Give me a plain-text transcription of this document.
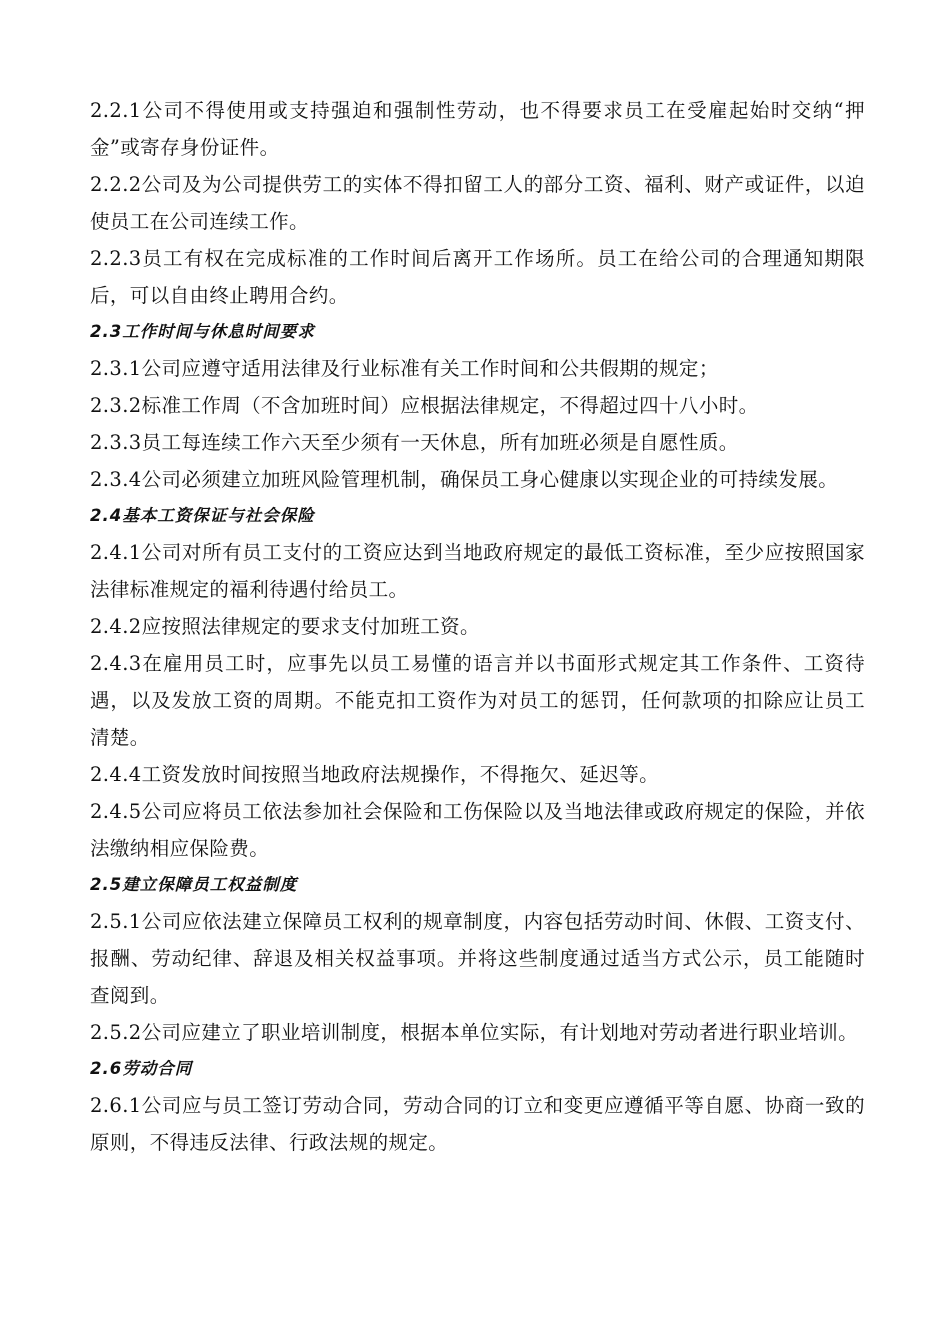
2.2.1公司不得使用或支持强迫和强制性劳动，也不得要求员工在受雇起始时交纳“押金”或寄存身份证件。

2.2.2公司及为公司提供劳工的实体不得扣留工人的部分工资、福利、财产或证件，以迫使员工在公司连续工作。

2.2.3员工有权在完成标准的工作时间后离开工作场所。员工在给公司的合理通知期限后，可以自由终止聘用合约。

2.3工作时间与休息时间要求

2.3.1公司应遵守适用法律及行业标准有关工作时间和公共假期的规定；

2.3.2标准工作周（不含加班时间）应根据法律规定，不得超过四十八小时。

2.3.3员工每连续工作六天至少须有一天休息，所有加班必须是自愿性质。

2.3.4公司必须建立加班风险管理机制，确保员工身心健康以实现企业的可持续发展。

2.4基本工资保证与社会保险

2.4.1公司对所有员工支付的工资应达到当地政府规定的最低工资标准，至少应按照国家法律标准规定的福利待遇付给员工。

2.4.2应按照法律规定的要求支付加班工资。

2.4.3在雇用员工时，应事先以员工易懂的语言并以书面形式规定其工作条件、工资待遇，以及发放工资的周期。不能克扣工资作为对员工的惩罚，任何款项的扣除应让员工清楚。

2.4.4工资发放时间按照当地政府法规操作，不得拖欠、延迟等。

2.4.5公司应将员工依法参加社会保险和工伤保险以及当地法律或政府规定的保险，并依法缴纳相应保险费。

2.5建立保障员工权益制度

2.5.1公司应依法建立保障员工权利的规章制度，内容包括劳动时间、休假、工资支付、报酬、劳动纪律、辞退及相关权益事项。并将这些制度通过适当方式公示，员工能随时查阅到。

2.5.2公司应建立了职业培训制度，根据本单位实际，有计划地对劳动者进行职业培训。

2.6劳动合同

2.6.1公司应与员工签订劳动合同，劳动合同的订立和变更应遵循平等自愿、协商一致的原则，不得违反法律、行政法规的规定。
